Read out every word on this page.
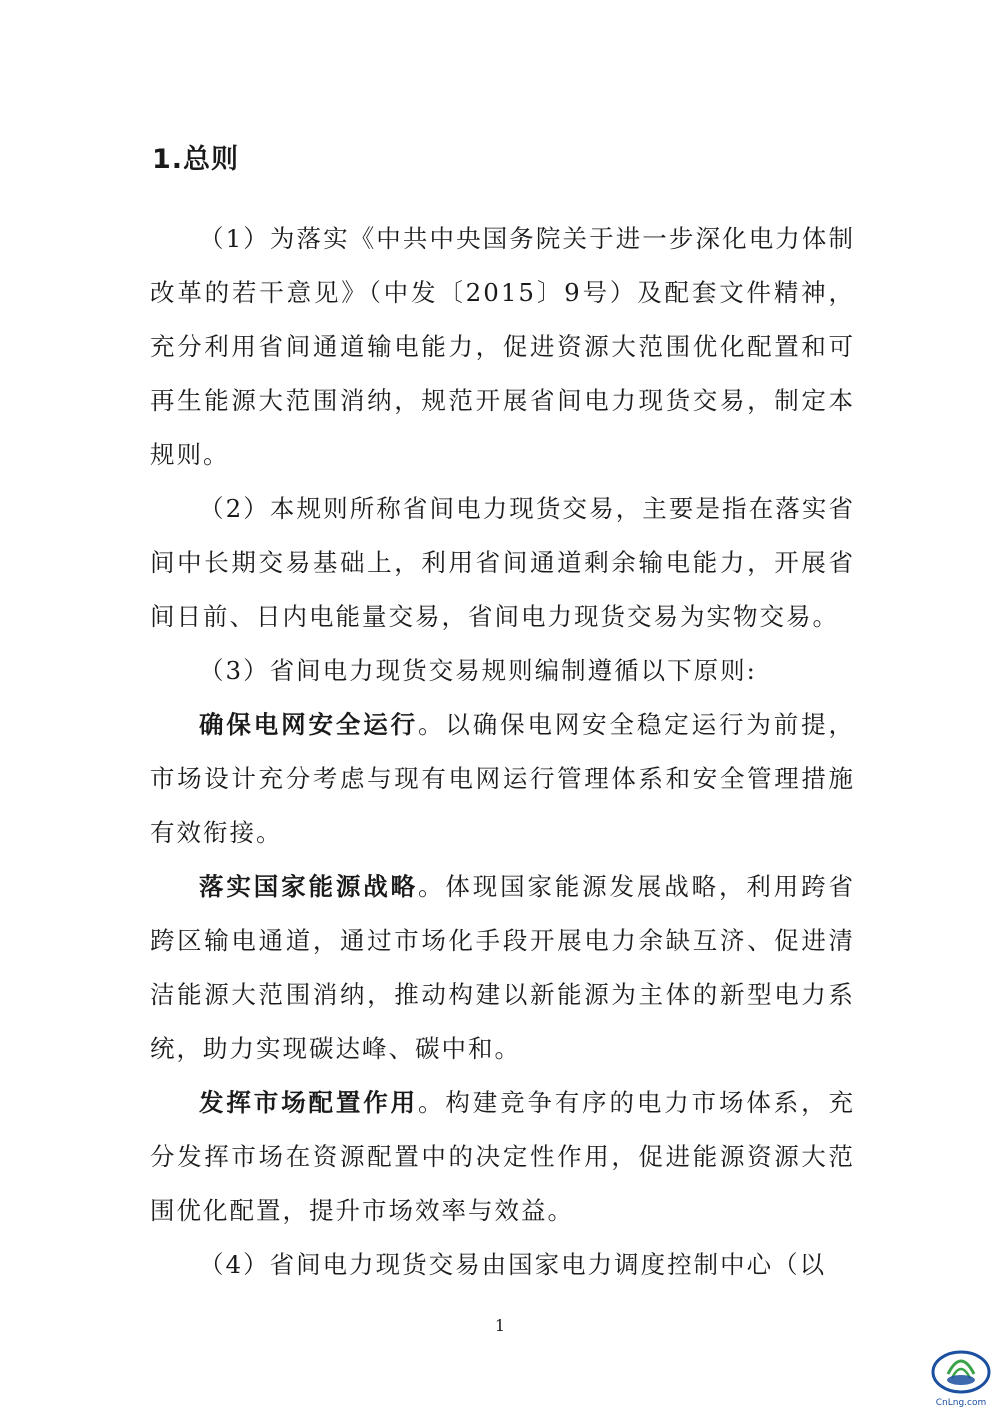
1.总则

（1）为落实《中共中央国务院关于进一步深化电力体制改革的若干意见》（中发〔2015〕9号）及配套文件精神，充分利用省间通道输电能力，促进资源大范围优化配置和可再生能源大范围消纳，规范开展省间电力现货交易，制定本规则。

（2）本规则所称省间电力现货交易，主要是指在落实省间中长期交易基础上，利用省间通道剩余输电能力，开展省间日前、日内电能量交易，省间电力现货交易为实物交易。

（3）省间电力现货交易规则编制遵循以下原则:

确保电网安全运行。以确保电网安全稳定运行为前提，市场设计充分考虑与现有电网运行管理体系和安全管理措施有效衔接。

落实国家能源战略。体现国家能源发展战略，利用跨省跨区输电通道，通过市场化手段开展电力余缺互济、促进清洁能源大范围消纳，推动构建以新能源为主体的新型电力系统，助力实现碳达峰、碳中和。

发挥市场配置作用。构建竞争有序的电力市场体系，充分发挥市场在资源配置中的决定性作用，促进能源资源大范围优化配置，提升市场效率与效益。

（4）省间电力现货交易由国家电力调度控制中心（以

1
CnLng.com
